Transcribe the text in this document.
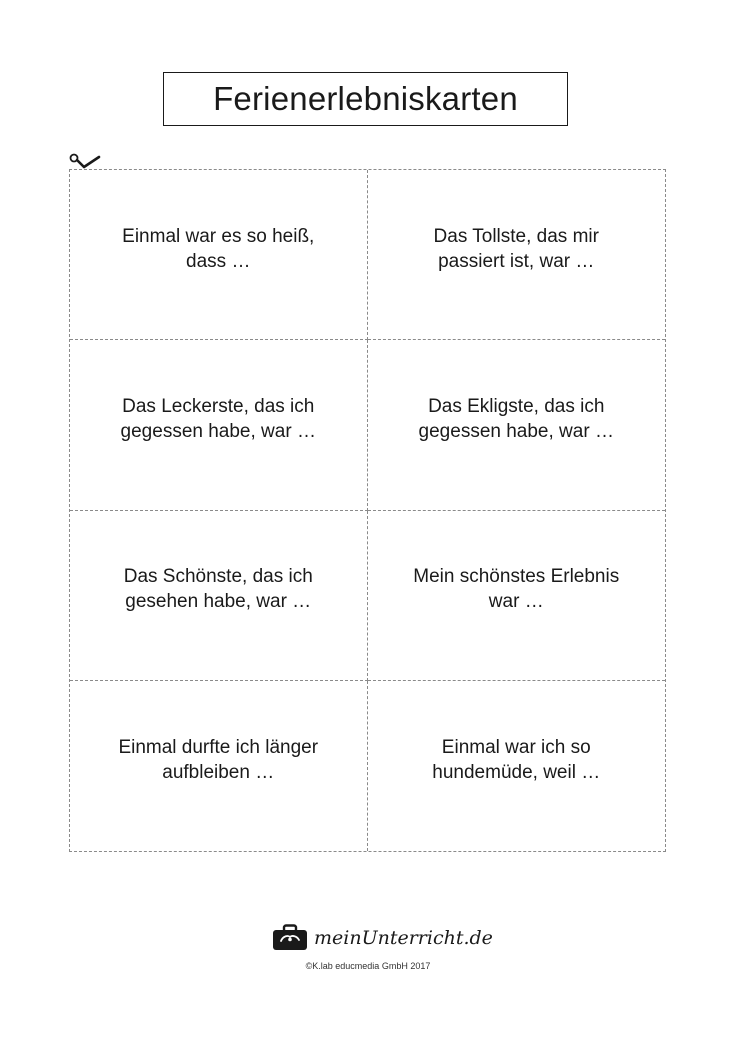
Ferienerlebniskarten
Einmal war es so heiß,
dass …
Das Tollste, das mir
passiert ist, war …
Das Leckerste, das ich
gegessen habe, war …
Das Ekligste, das ich
gegessen habe, war …
Das Schönste, das ich
gesehen habe, war …
Mein schönstes Erlebnis
war …
Einmal durfte ich länger
aufbleiben …
Einmal war ich so
hundemüde, weil …
meinUnterricht.de
©K.lab educmedia GmbH 2017
